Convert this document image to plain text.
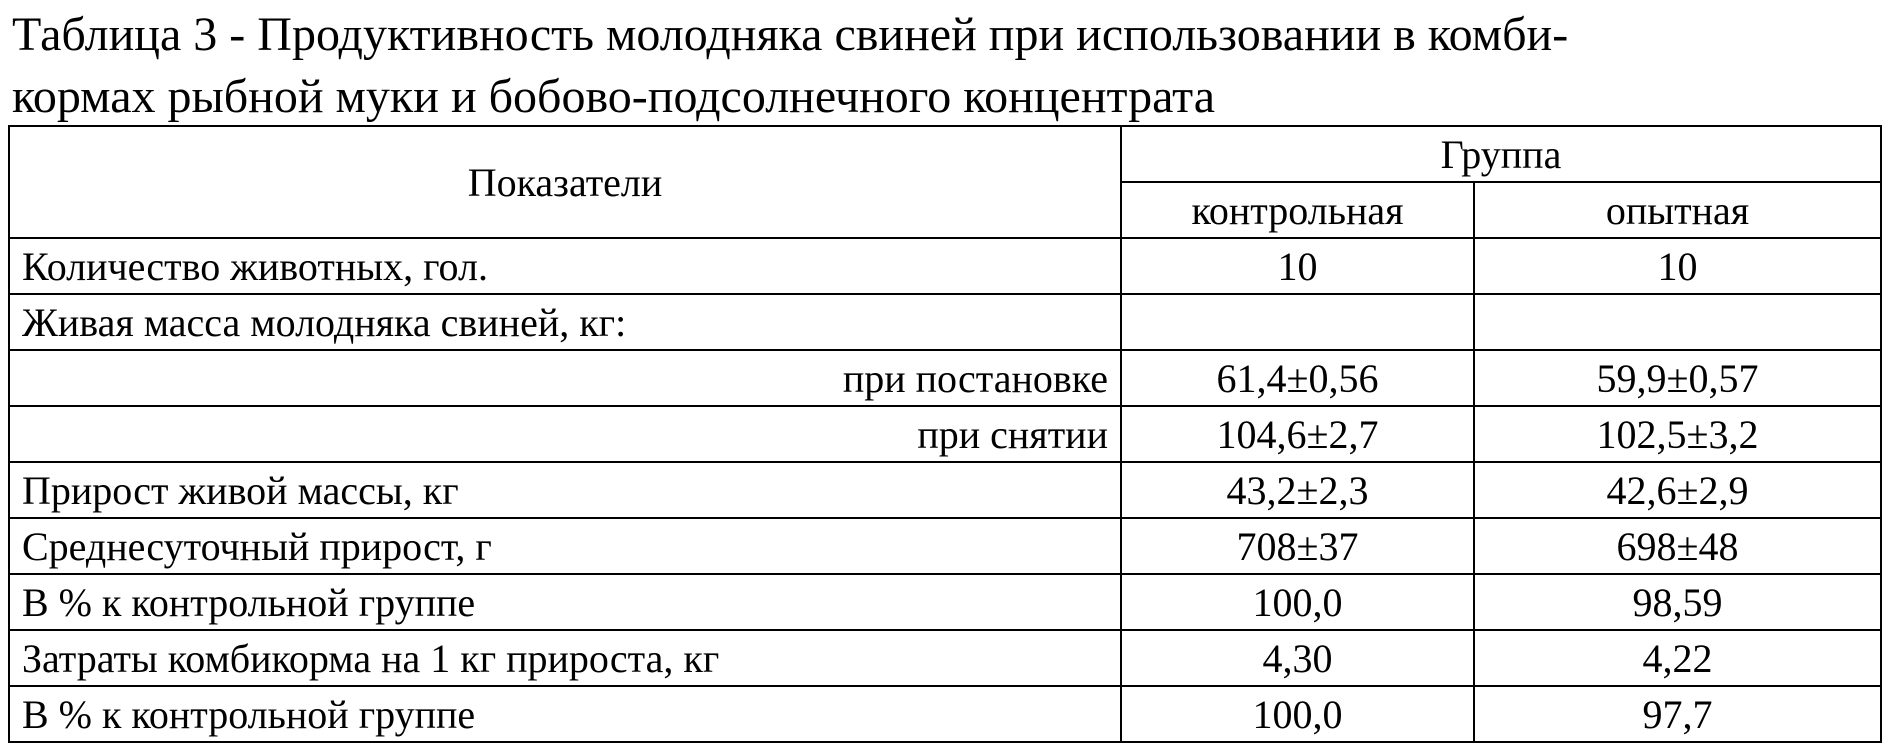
Таблица 3 - Продуктивность молодняка свиней при использовании в комби-
кормах рыбной муки и бобово-подсолнечного концентрата
Показатели	Группа	
	контрольная	опытная
Количество животных, гол.	10	10
Живая масса молодняка свиней, кг:		
при постановке	61,4±0,56	59,9±0,57
при снятии	104,6±2,7	102,5±3,2
Прирост живой массы, кг	43,2±2,3	42,6±2,9
Среднесуточный прирост, г	708±37	698±48
В % к контрольной группе	100,0	98,59
Затраты комбикорма на 1 кг прироста, кг	4,30	4,22
В % к контрольной группе	100,0	97,7
